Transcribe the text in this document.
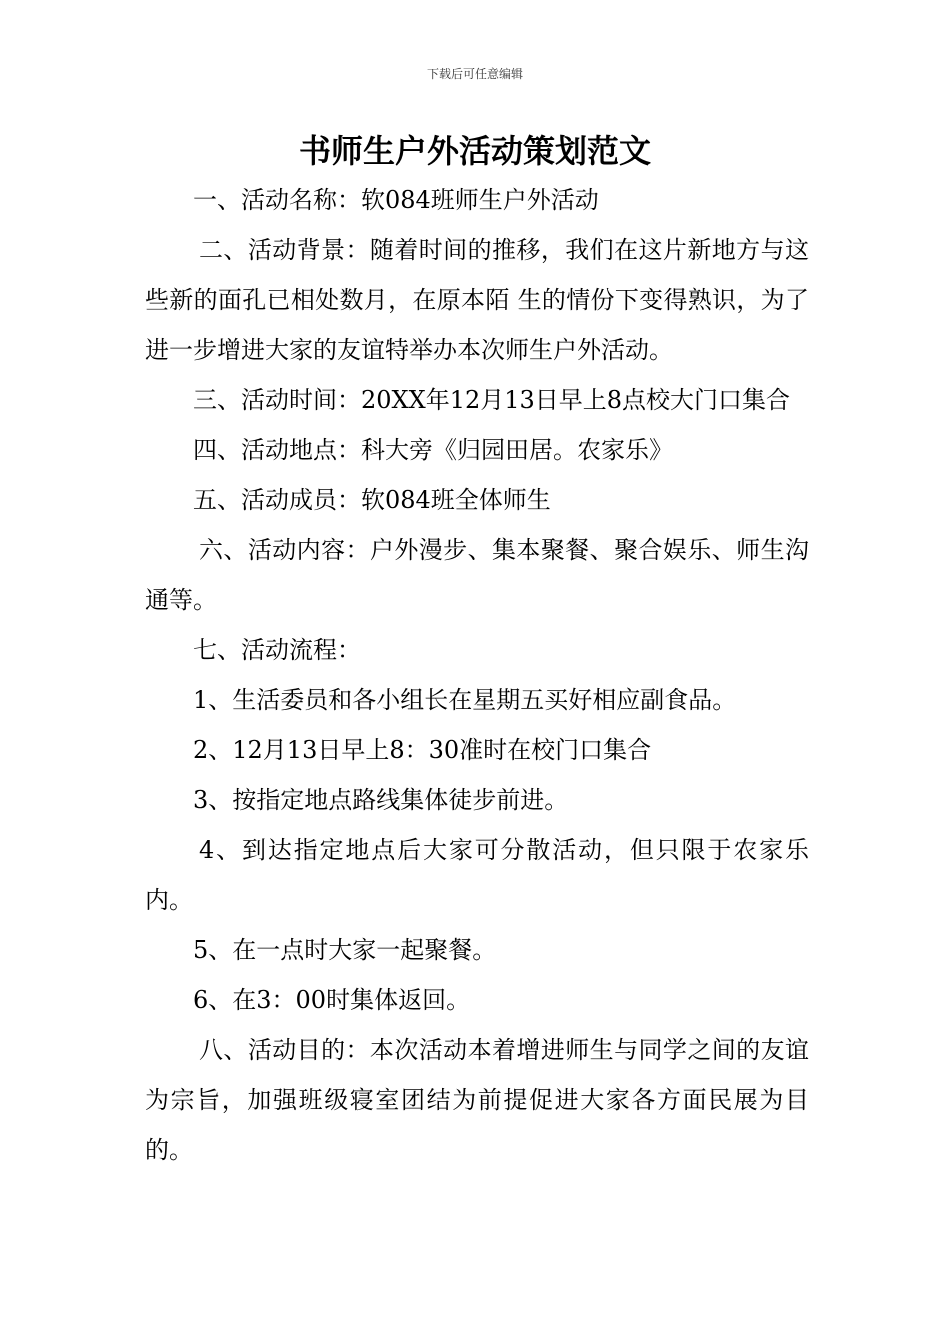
下载后可任意编辑
书师生户外活动策划范文

一、活动名称：软084班师生户外活动

二、活动背景：随着时间的推移，我们在这片新地方与这些新的面孔已相处数月，在原本陌 生的情份下变得熟识，为了进一步增进大家的友谊特举办本次师生户外活动。

三、活动时间：20XX年12月13日早上8点校大门口集合

四、活动地点：科大旁《归园田居。农家乐》

五、活动成员：软084班全体师生

六、活动内容：户外漫步、集本聚餐、聚合娱乐、师生沟通等。

七、活动流程：

1、生活委员和各小组长在星期五买好相应副食品。

2、12月13日早上8：30准时在校门口集合

3、按指定地点路线集体徒步前进。

4、到达指定地点后大家可分散活动，但只限于农家乐内。

5、在一点时大家一起聚餐。

6、在3：00时集体返回。

八、活动目的：本次活动本着增进师生与同学之间的友谊为宗旨，加强班级寝室团结为前提促进大家各方面民展为目的。
